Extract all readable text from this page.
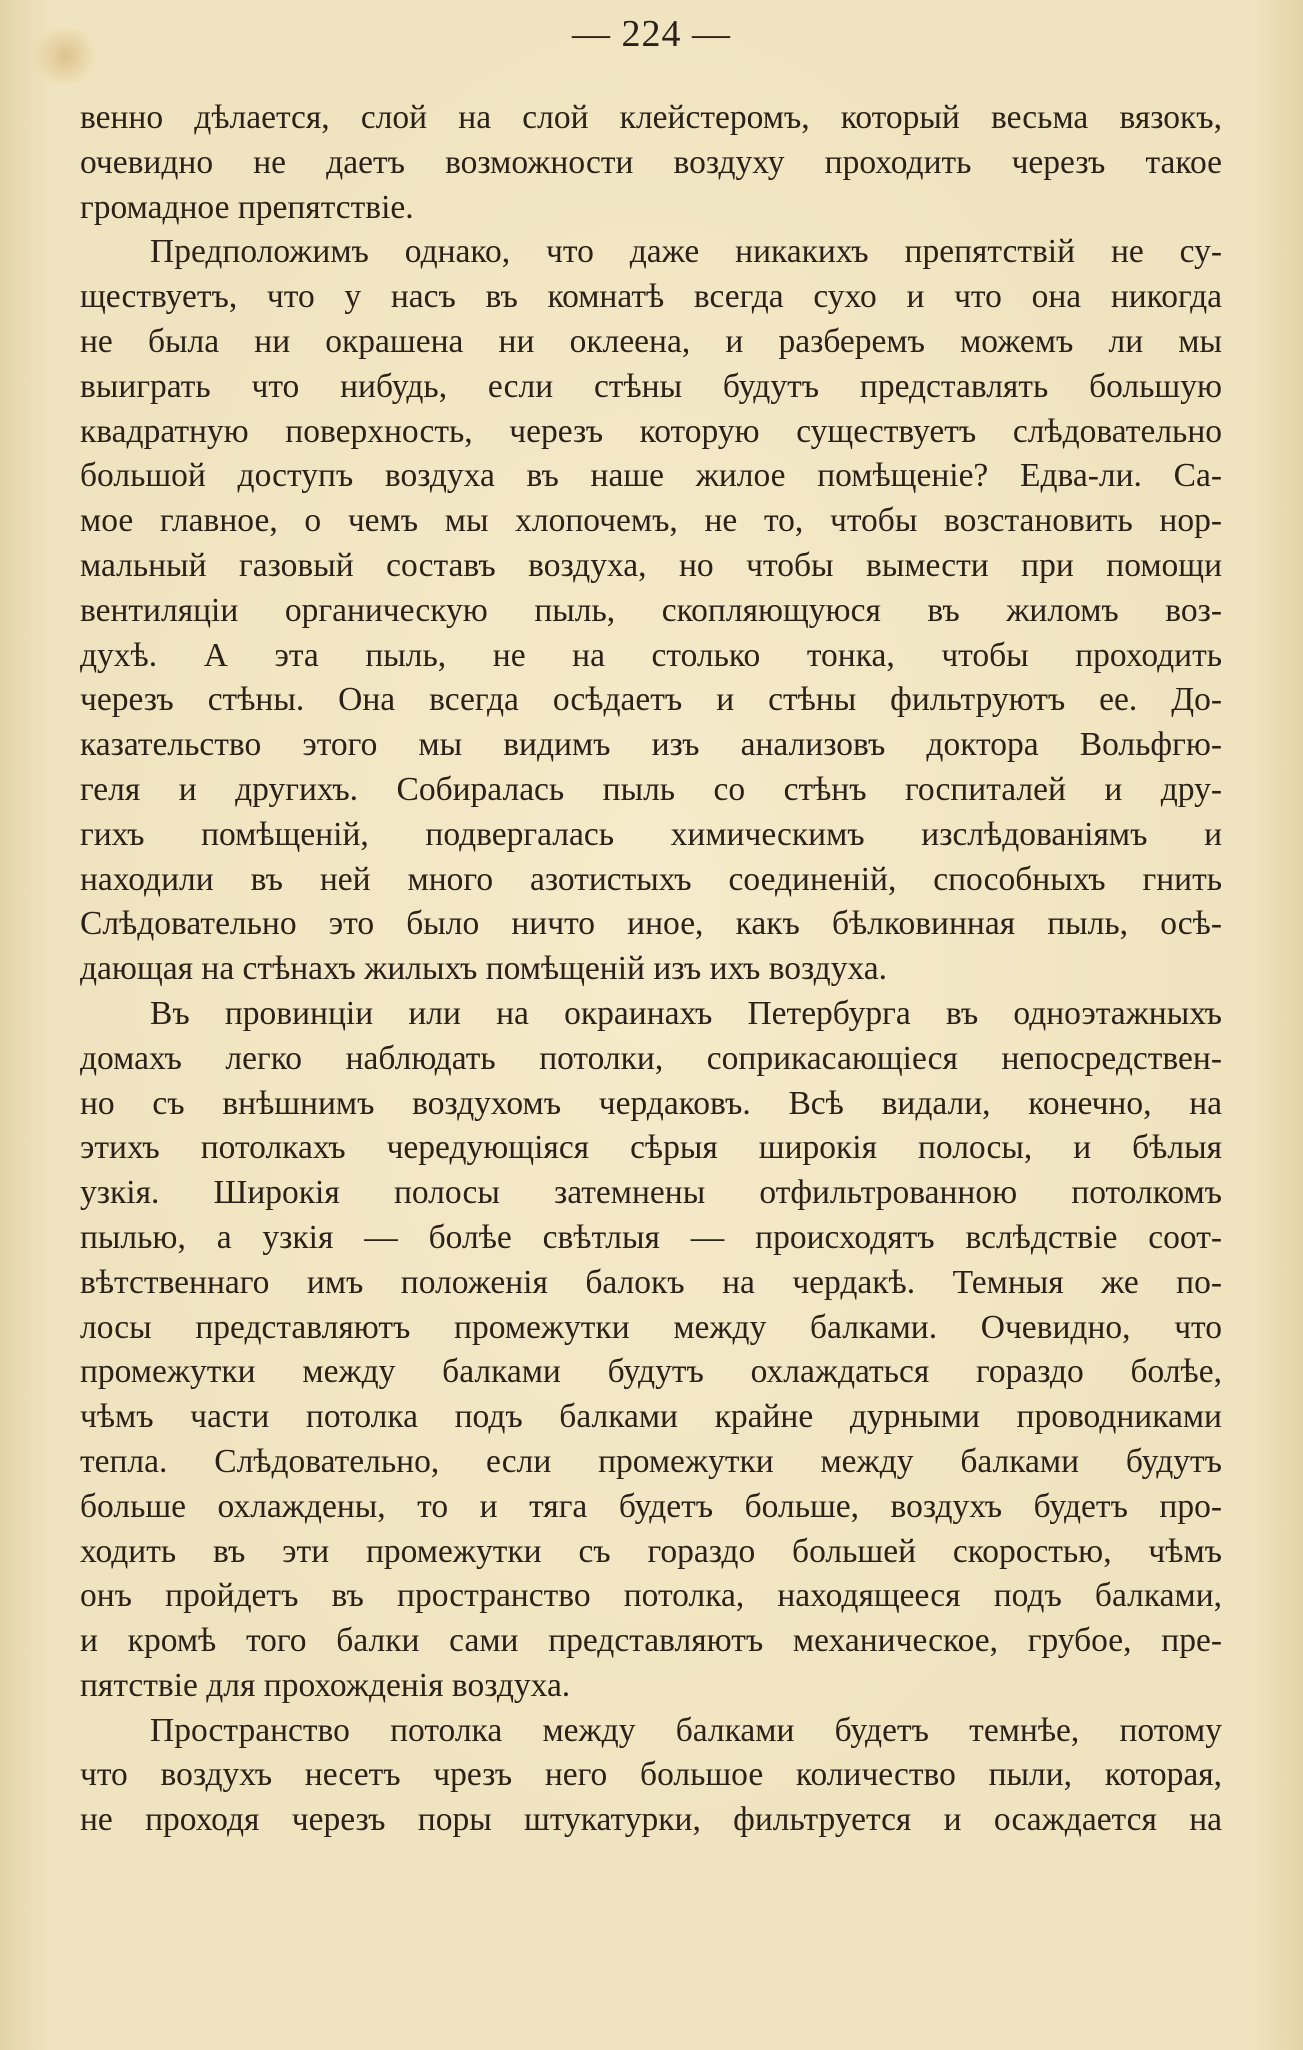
— 224 —
венно дѣлается, слой на слой клейстеромъ, который весьма вязокъ,
очевидно не даетъ возможности воздуху проходить черезъ такое
громадное препятствіе.
Предположимъ однако, что даже никакихъ препятствій не су-
ществуетъ, что у насъ въ комнатѣ всегда сухо и что она никогда
не была ни окрашена ни оклеена, и разберемъ можемъ ли мы
выиграть что нибудь, если стѣны будутъ представлять большую
квадратную поверхность, черезъ которую существуетъ слѣдовательно
большой доступъ воздуха въ наше жилое помѣщеніе? Едва-ли. Са-
мое главное, о чемъ мы хлопочемъ, не то, чтобы возстановить нор-
мальный газовый составъ воздуха, но чтобы вымести при помощи
вентиляціи органическую пыль, скопляющуюся въ жиломъ воз-
духѣ. А эта пыль, не на столько тонка, чтобы проходить
черезъ стѣны. Она всегда осѣдаетъ и стѣны фильтруютъ ее. До-
казательство этого мы видимъ изъ анализовъ доктора Вольфгю-
геля и другихъ. Собиралась пыль со стѣнъ госпиталей и дру-
гихъ помѣщеній, подвергалась химическимъ изслѣдованіямъ и
находили въ ней много азотистыхъ соединеній, способныхъ гнить
Слѣдовательно это было ничто иное, какъ бѣлковинная пыль, осѣ-
дающая на стѣнахъ жилыхъ помѣщеній изъ ихъ воздуха.
Въ провинціи или на окраинахъ Петербурга въ одноэтажныхъ
домахъ легко наблюдать потолки, соприкасающіеся непосредствен-
но съ внѣшнимъ воздухомъ чердаковъ. Всѣ видали, конечно, на
этихъ потолкахъ чередующіяся сѣрыя широкія полосы, и бѣлыя
узкія. Широкія полосы затемнены отфильтрованною потолкомъ
пылью, а узкія — болѣе свѣтлыя — происходятъ вслѣдствіе соот-
вѣтственнаго имъ положенія балокъ на чердакѣ. Темныя же по-
лосы представляютъ промежутки между балками. Очевидно, что
промежутки между балками будутъ охлаждаться гораздо болѣе,
чѣмъ части потолка подъ балками крайне дурными проводниками
тепла. Слѣдовательно, если промежутки между балками будутъ
больше охлаждены, то и тяга будетъ больше, воздухъ будетъ про-
ходить въ эти промежутки съ гораздо большей скоростью, чѣмъ
онъ пройдетъ въ пространство потолка, находящееся подъ балками,
и кромѣ того балки сами представляютъ механическое, грубое, пре-
пятствіе для прохожденія воздуха.
Пространство потолка между балками будетъ темнѣе, потому
что воздухъ несетъ чрезъ него большое количество пыли, которая,
не проходя черезъ поры штукатурки, фильтруется и осаждается на
